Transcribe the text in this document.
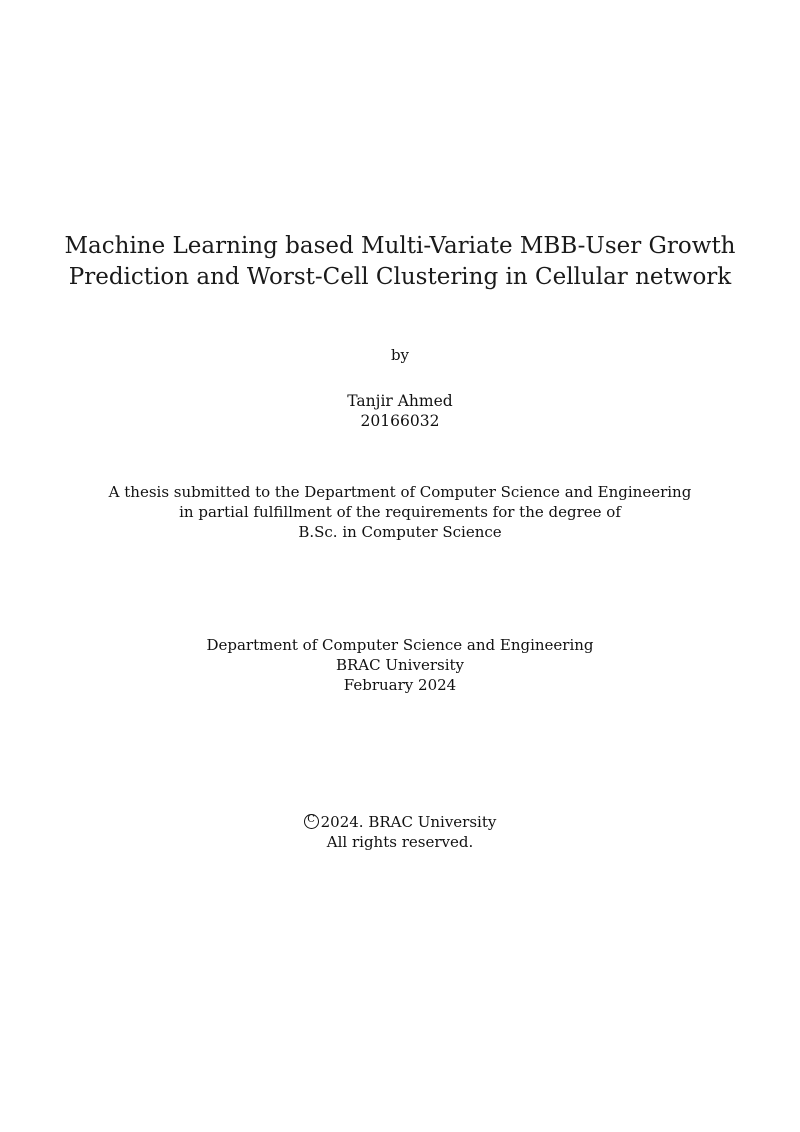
Machine Learning based Multi-Variate MBB-User Growth
Prediction and Worst-Cell Clustering in Cellular network
by
Tanjir Ahmed
20166032
A thesis submitted to the Department of Computer Science and Engineering
in partial fulfillment of the requirements for the degree of
B.Sc. in Computer Science
Department of Computer Science and Engineering
BRAC University
February 2024
C 2024. BRAC University
All rights reserved.
